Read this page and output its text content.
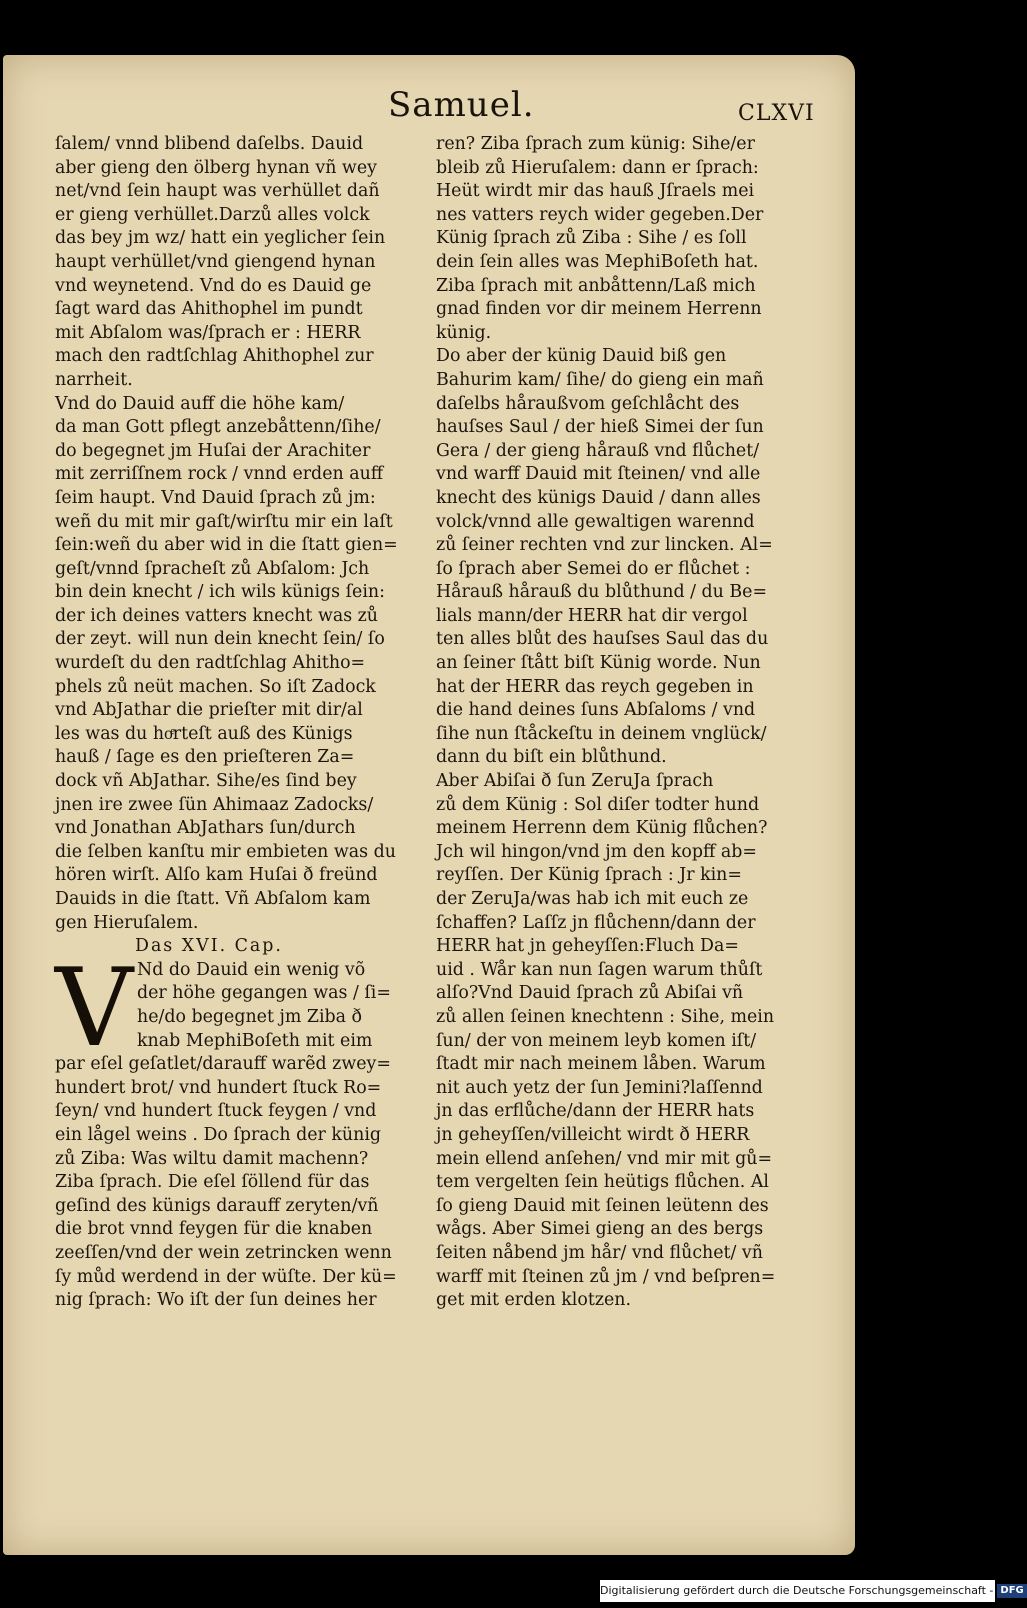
Samuel.	CLXVI
ſalem/ vnnd blibend daſelbs. Dauid
aber gieng den ölberg hynan vñ wey
net/vnd ſein haupt was verhüllet dañ
er gieng verhüllet.Darzů alles volck
das bey jm wz/ hatt ein yeglicher ſein
haupt verhüllet/vnd giengend hynan
vnd weynetend. Vnd do es Dauid ge
ſagt ward das Ahithophel im pundt
mit Abſalom was/ſprach er : HERR
mach den radtſchlag Ahithophel zur
narrheit.
Vnd do Dauid auff die höhe kam/
da man Gott pflegt anzebåttenn/ſihe/
do begegnet jm Huſai der Arachiter
mit zerriſſnem rock / vnnd erden auff
ſeim haupt. Vnd Dauid ſprach zů jm:
weñ du mit mir gaſt/wirſtu mir ein laſt
ſein:weñ du aber wid in die ſtatt gien=
geſt/vnnd ſpracheſt zů Abſalom: Jch
bin dein knecht / ich wils künigs ſein:
der ich deines vatters knecht was zů
der zeyt. will nun dein knecht ſein/ ſo
wurdeſt du den radtſchlag Ahitho=
phels zů neüt machen. So iſt Zadock
vnd AbJathar die prieſter mit dir/al
les was du hoͤrteſt auß des Künigs
hauß / ſage es den prieſteren Za=
dock vñ AbJathar. Sihe/es ſind bey
jnen ire zwee ſün Ahimaaz Zadocks/
vnd Jonathan AbJathars ſun/durch
die ſelben kanſtu mir embieten was du
hören wirſt. Alſo kam Huſai ð freünd
Dauids in die ſtatt. Vñ Abſalom kam
gen Hieruſalem.
Das XVI. Cap.
V Nd do Dauid ein wenig võ
der höhe gegangen was / ſi=
he/do begegnet jm Ziba ð
knab MephiBoſeth mit eim
par eſel geſatlet/darauff warẽd zwey=
hundert brot/ vnd hundert ſtuck Ro=
ſeyn/ vnd hundert ſtuck feygen / vnd
ein lågel weins . Do ſprach der künig
zů Ziba: Was wiltu damit machenn?
Ziba ſprach. Die eſel ſöllend für das
geſind des künigs darauff zeryten/vñ
die brot vnnd feygen für die knaben
zeeſſen/vnd der wein zetrincken wenn
ſy můd werdend in der wüſte. Der kü=
nig ſprach: Wo iſt der ſun deines her
ren? Ziba ſprach zum künig: Sihe/er
bleib zů Hieruſalem: dann er ſprach:
Heüt wirdt mir das hauß Jſraels mei
nes vatters reych wider gegeben.Der
Künig ſprach zů Ziba : Sihe / es ſoll
dein ſein alles was MephiBoſeth hat.
Ziba ſprach mit anbåttenn/Laß mich
gnad finden vor dir meinem Herrenn
künig.
Do aber der künig Dauid biß gen
Bahurim kam/ ſihe/ do gieng ein mañ
daſelbs håraußvom geſchlåcht des
hauſses Saul / der hieß Simei der ſun
Gera / der gieng hårauß vnd flůchet/
vnd warff Dauid mit ſteinen/ vnd alle
knecht des künigs Dauid / dann alles
volck/vnnd alle gewaltigen warennd
zů ſeiner rechten vnd zur lincken. Al=
ſo ſprach aber Semei do er flůchet :
Hårauß hårauß du blůthund / du Be=
lials mann/der HERR hat dir vergol
ten alles blůt des hauſses Saul das du
an ſeiner ſtått biſt Künig worde. Nun
hat der HERR das reych gegeben in
die hand deines ſuns Abſaloms / vnd
ſihe nun ſtåckeſtu in deinem vnglück/
dann du biſt ein blůthund.
Aber Abiſai ð ſun ZeruJa ſprach
zů dem Künig : Sol diſer todter hund
meinem Herrenn dem Künig flůchen?
Jch wil hingon/vnd jm den kopff ab=
reyſſen. Der Künig ſprach : Jr kin=
der ZeruJa/was hab ich mit euch ze
ſchaffen? Laſſz jn flůchenn/dann der
HERR hat jn geheyſſen:Fluch Da=
uid . Wår kan nun ſagen warum thůſt
alſo?Vnd Dauid ſprach zů Abiſai vñ
zů allen ſeinen knechtenn : Sihe, mein
ſun/ der von meinem leyb komen iſt/
ſtadt mir nach meinem låben. Warum
nit auch yetz der ſun Jemini?laſſennd
jn das erflůche/dann der HERR hats
jn geheyſſen/villeicht wirdt ð HERR
mein ellend anſehen/ vnd mir mit gů=
tem vergelten ſein heütigs flůchen. Al
ſo gieng Dauid mit ſeinen leütenn des
wågs. Aber Simei gieng an des bergs
ſeiten nåbend jm hår/ vnd flůchet/ vñ
warff mit ſteinen zů jm / vnd beſpren=
get mit erden klotzen.
Digitalisierung gefördert durch die Deutsche Forschungsgemeinschaft - DFG
